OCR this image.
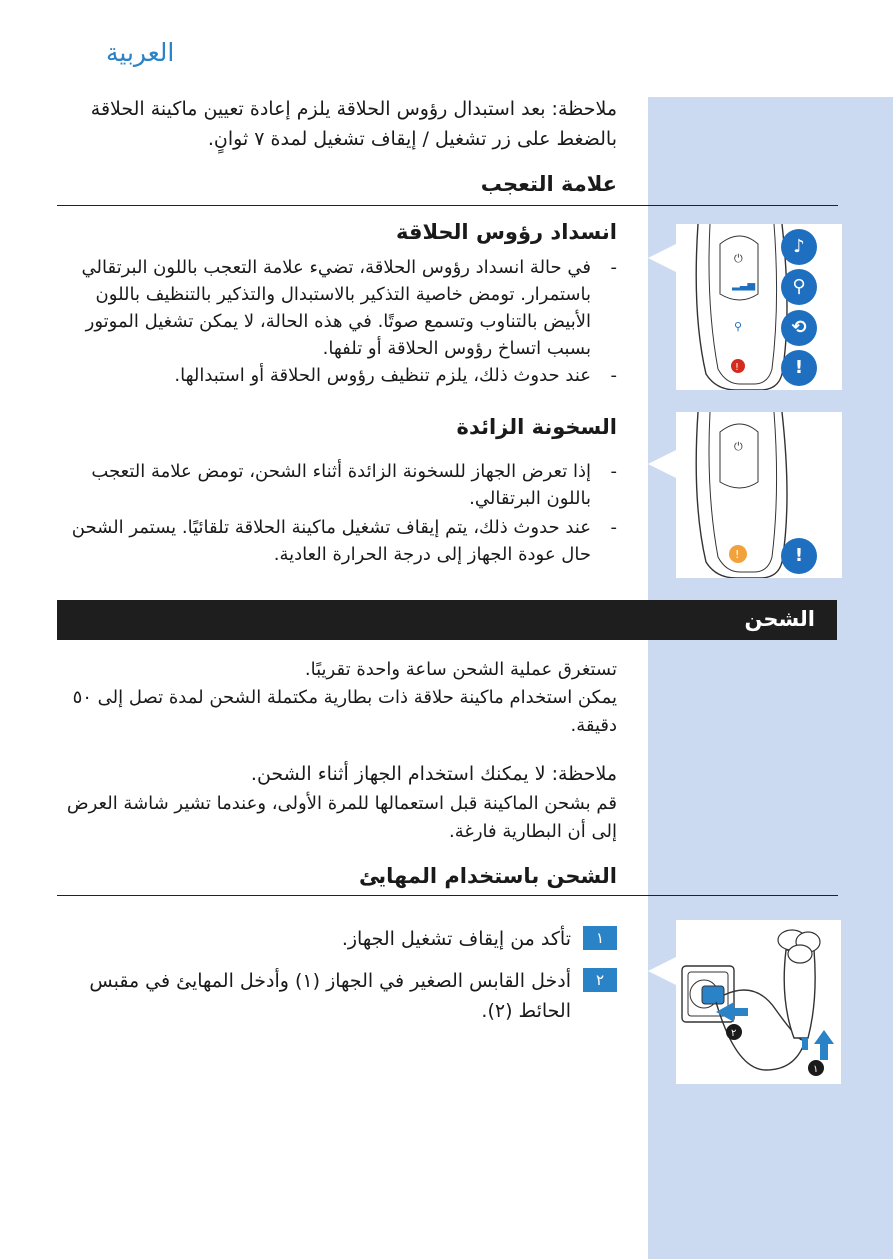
العربية
ملاحظة: بعد استبدال رؤوس الحلاقة يلزم إعادة تعيين ماكينة الحلاقة بالضغط على زر تشغيل / إيقاف تشغيل لمدة ٧ ثوانٍ.
علامة التعجب
انسداد رؤوس الحلاقة
- في حالة انسداد رؤوس الحلاقة، تضيء علامة التعجب باللون البرتقالي باستمرار. تومض خاصية التذكير بالاستبدال والتذكير بالتنظيف باللون الأبيض بالتناوب وتسمع صوتًا. في هذه الحالة، لا يمكن تشغيل الموتور بسبب اتساخ رؤوس الحلاقة أو تلفها.
- عند حدوث ذلك، يلزم تنظيف رؤوس الحلاقة أو استبدالها.
السخونة الزائدة
- إذا تعرض الجهاز للسخونة الزائدة أثناء الشحن، تومض علامة التعجب باللون البرتقالي.
- عند حدوث ذلك، يتم إيقاف تشغيل ماكينة الحلاقة تلقائيًا. يستمر الشحن حال عودة الجهاز إلى درجة الحرارة العادية.
⏻
▂▃▅
⚲
!
♪
⚲
⟲
!
⏻
!	!
الشحن
تستغرق عملية الشحن ساعة واحدة تقريبًا.
يمكن استخدام ماكينة حلاقة ذات بطارية مكتملة الشحن لمدة تصل إلى ٥٠ دقيقة.
ملاحظة: لا يمكنك استخدام الجهاز أثناء الشحن.
قم بشحن الماكينة قبل استعمالها للمرة الأولى، وعندما تشير شاشة العرض إلى أن البطارية فارغة.
الشحن باستخدام المهايئ
١
تأكد من إيقاف تشغيل الجهاز.
٢
أدخل القابس الصغير في الجهاز (١) وأدخل المهايئ في مقبس الحائط (٢).
٢
١
